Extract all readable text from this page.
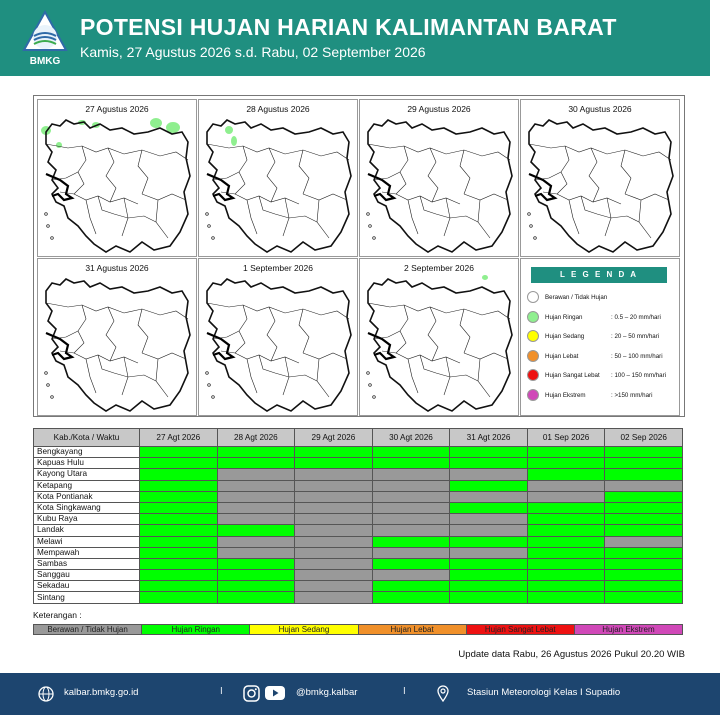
BMKG
POTENSI HUJAN HARIAN KALIMANTAN BARAT
Kamis, 27 Agustus 2026 s.d. Rabu, 02 September 2026
27 Agustus 2026	28 Agustus 2026	29 Agustus 2026	30 Agustus 2026
31 Agustus 2026	1 September 2026	2 September 2026
L E G E N D A
Berawan / Tidak Hujan
Hujan Ringan	: 0.5 – 20 mm/hari
Hujan Sedang	: 20 – 50 mm/hari
Hujan Lebat	: 50 – 100 mm/hari
Hujan Sangat Lebat : 100 – 150 mm/hari
Hujan Ekstrem	: >150 mm/hari
Kab./Kota / Waktu	27 Agt 2026	28 Agt 2026	29 Agt 2026	30 Agt 2026	31 Agt 2026	01 Sep 2026	02 Sep 2026
Bengkayang							
Kapuas Hulu							
Kayong Utara							
Ketapang							
Kota Pontianak							
Kota Singkawang							
Kubu Raya							
Landak							
Melawi							
Mempawah							
Sambas							
Sanggau							
Sekadau							
Sintang							
Keterangan :
Berawan / Tidak Hujan	Hujan Ringan	Hujan Sedang	Hujan Lebat	Hujan Sangat Lebat	Hujan Ekstrem
Update data Rabu, 26 Agustus 2026 Pukul 20.20 WIB
kalbar.bmkg.go.id	I	@bmkg.kalbar	I	Stasiun Meteorologi Kelas I Supadio
